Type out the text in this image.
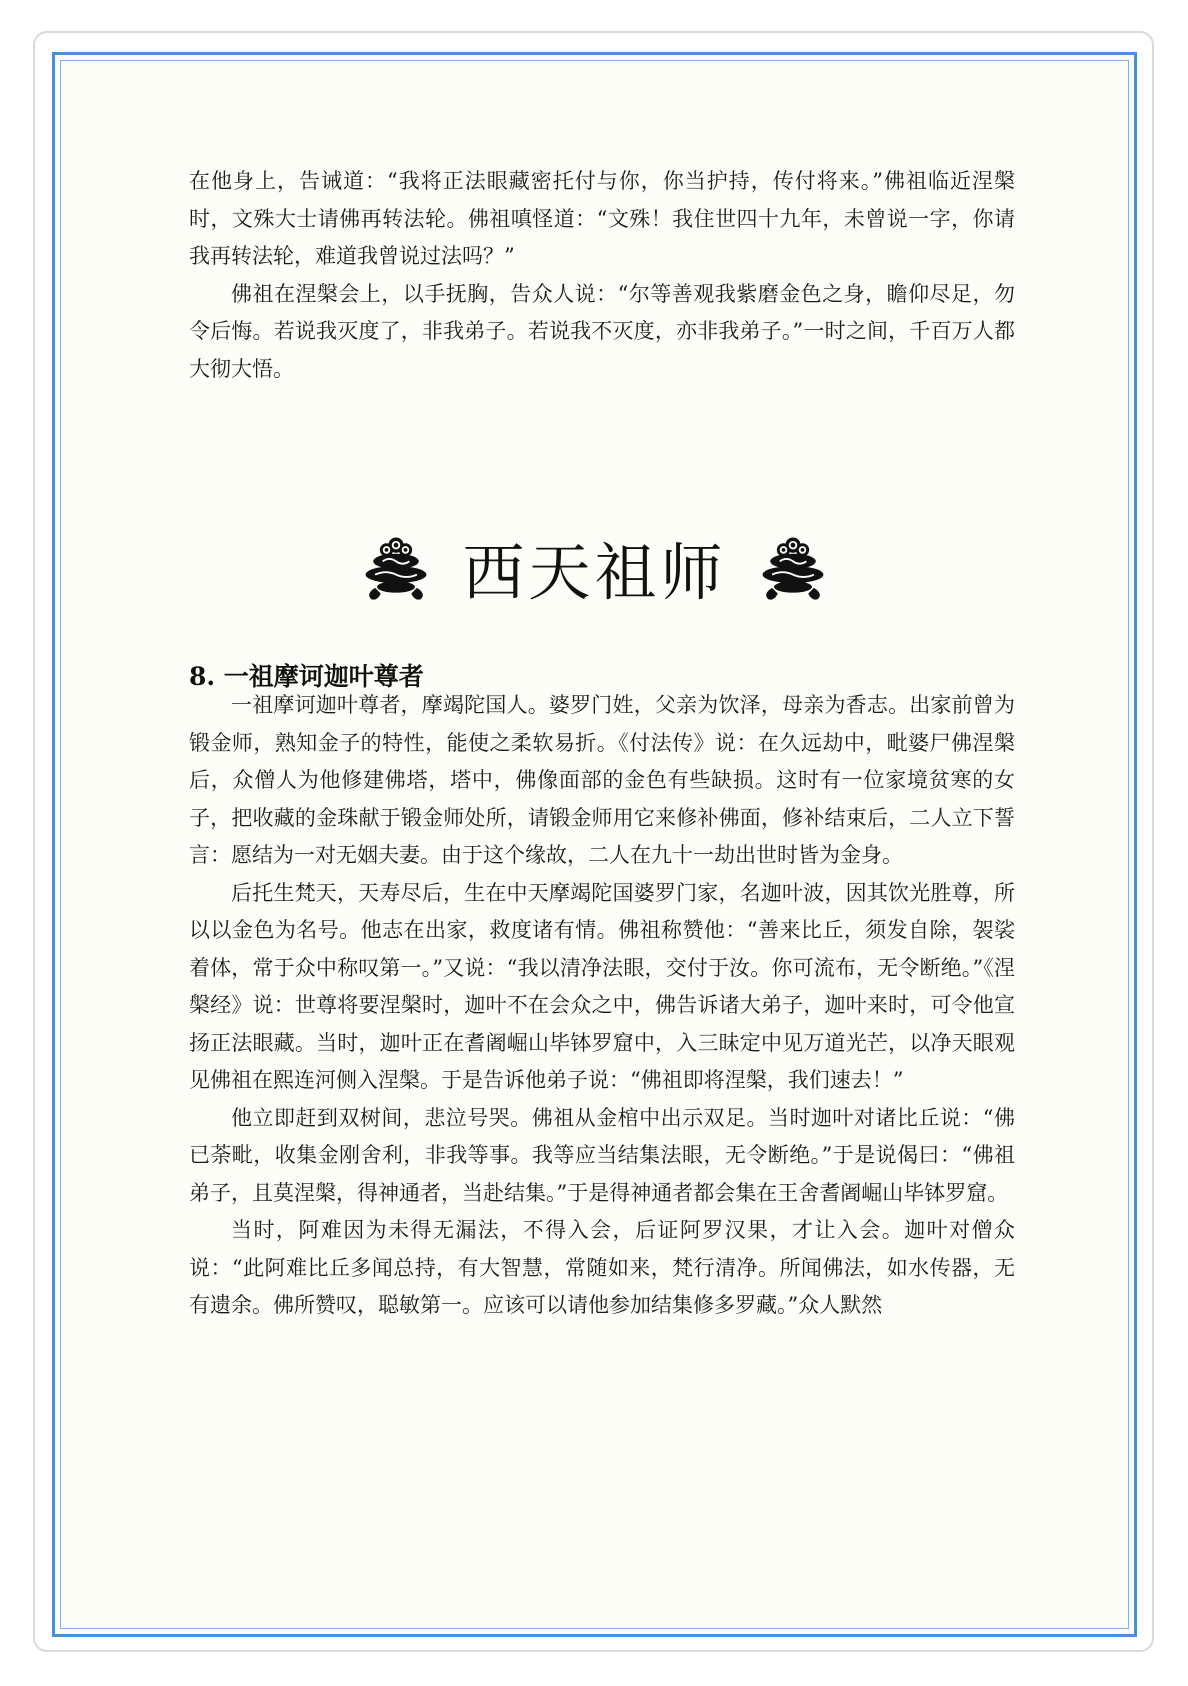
在他身上，告诫道：“我将正法眼藏密托付与你，你当护持，传付将来。”佛祖临近涅槃时，文殊大士请佛再转法轮。佛祖嗔怪道：“文殊！我住世四十九年，未曾说一字，你请我再转法轮，难道我曾说过法吗？”

佛祖在涅槃会上，以手抚胸，告众人说：“尔等善观我紫磨金色之身，瞻仰尽足，勿令后悔。若说我灭度了，非我弟子。若说我不灭度，亦非我弟子。”一时之间，千百万人都大彻大悟。

西天祖师
8. 一祖摩诃迦叶尊者

一祖摩诃迦叶尊者，摩竭陀国人。婆罗门姓，父亲为饮泽，母亲为香志。出家前曾为锻金师，熟知金子的特性，能使之柔软易折。《付法传》说：在久远劫中，毗婆尸佛涅槃后，众僧人为他修建佛塔，塔中，佛像面部的金色有些缺损。这时有一位家境贫寒的女子，把收藏的金珠献于锻金师处所，请锻金师用它来修补佛面，修补结束后，二人立下誓言：愿结为一对无姻夫妻。由于这个缘故，二人在九十一劫出世时皆为金身。

后托生梵天，天寿尽后，生在中天摩竭陀国婆罗门家，名迦叶波，因其饮光胜尊，所以以金色为名号。他志在出家，救度诸有情。佛祖称赞他：“善来比丘，须发自除，袈裟着体，常于众中称叹第一。”又说：“我以清净法眼，交付于汝。你可流布，无令断绝。”《涅槃经》说：世尊将要涅槃时，迦叶不在会众之中，佛告诉诸大弟子，迦叶来时，可令他宣扬正法眼藏。当时，迦叶正在耆阇崛山毕钵罗窟中，入三昧定中见万道光芒，以净天眼观见佛祖在熙连河侧入涅槃。于是告诉他弟子说：“佛祖即将涅槃，我们速去！”

他立即赶到双树间，悲泣号哭。佛祖从金棺中出示双足。当时迦叶对诸比丘说：“佛已荼毗，收集金刚舍利，非我等事。我等应当结集法眼，无令断绝。”于是说偈曰：“佛祖弟子，且莫涅槃，得神通者，当赴结集。”于是得神通者都会集在王舍耆阇崛山毕钵罗窟。

当时，阿难因为未得无漏法，不得入会，后证阿罗汉果，才让入会。迦叶对僧众说：“此阿难比丘多闻总持，有大智慧，常随如来，梵行清净。所闻佛法，如水传器，无有遗余。佛所赞叹，聪敏第一。应该可以请他参加结集修多罗藏。”众人默然
